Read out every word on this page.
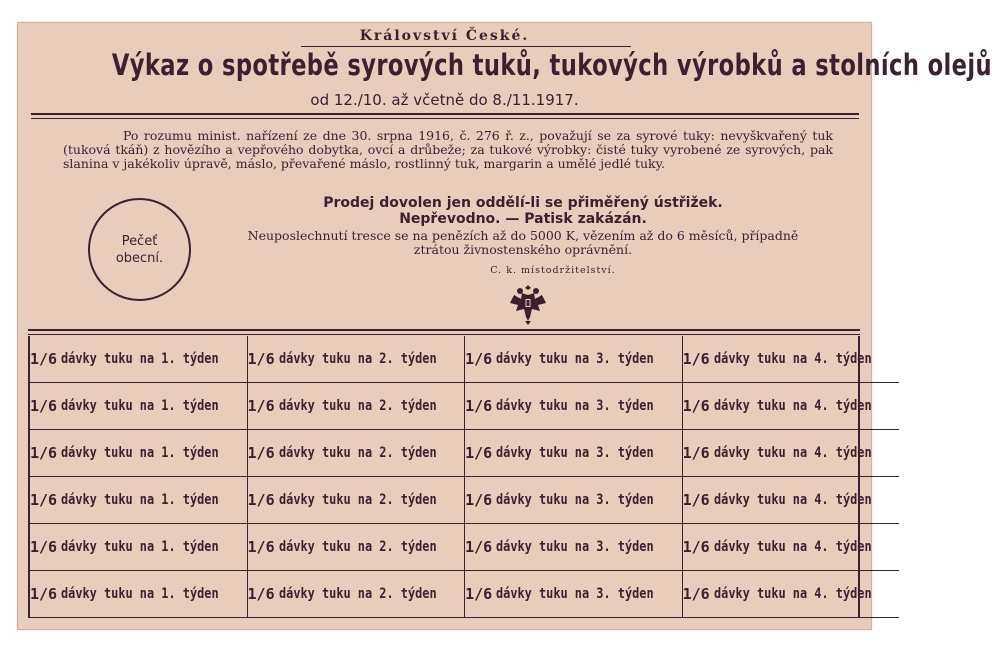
Království České.
Výkaz o spotřebě syrových tuků, tukových výrobků a stolních olejů
od 12./10. až včetně do 8./11.1917.
Po rozumu minist. nařízení ze dne 30. srpna 1916, č. 276 ř. z., považují se za syrové tuky: nevyškvařený tuk (tuková tkáň) z hovězího a vepřového dobytka, ovcí a drůbeže; za tukové výrobky: čisté tuky vyrobené ze syrových, pak slanina v jakékoliv úpravě, máslo, převařené máslo, rostlinný tuk, margarin a umělé jedlé tuky.
Prodej dovolen jen oddělí-li se přiměřený ústřižek.
Nepřevodno. — Patisk zakázán.
Neuposlechnutí tresce se na penězích až do 5000 K, vězením až do 6 měsíců, případně ztrátou živnostenského oprávnění.
C. k. místodržitelství.
Pečeť
obecní.
1/6 dávky tuku na 1. týden 1/6 dávky tuku na 2. týden 1/6 dávky tuku na 3. týden 1/6 dávky tuku na 4. týden
1/6 dávky tuku na 1. týden 1/6 dávky tuku na 2. týden 1/6 dávky tuku na 3. týden 1/6 dávky tuku na 4. týden
1/6 dávky tuku na 1. týden 1/6 dávky tuku na 2. týden 1/6 dávky tuku na 3. týden 1/6 dávky tuku na 4. týden
1/6 dávky tuku na 1. týden 1/6 dávky tuku na 2. týden 1/6 dávky tuku na 3. týden 1/6 dávky tuku na 4. týden
1/6 dávky tuku na 1. týden 1/6 dávky tuku na 2. týden 1/6 dávky tuku na 3. týden 1/6 dávky tuku na 4. týden
1/6 dávky tuku na 1. týden 1/6 dávky tuku na 2. týden 1/6 dávky tuku na 3. týden 1/6 dávky tuku na 4. týden
